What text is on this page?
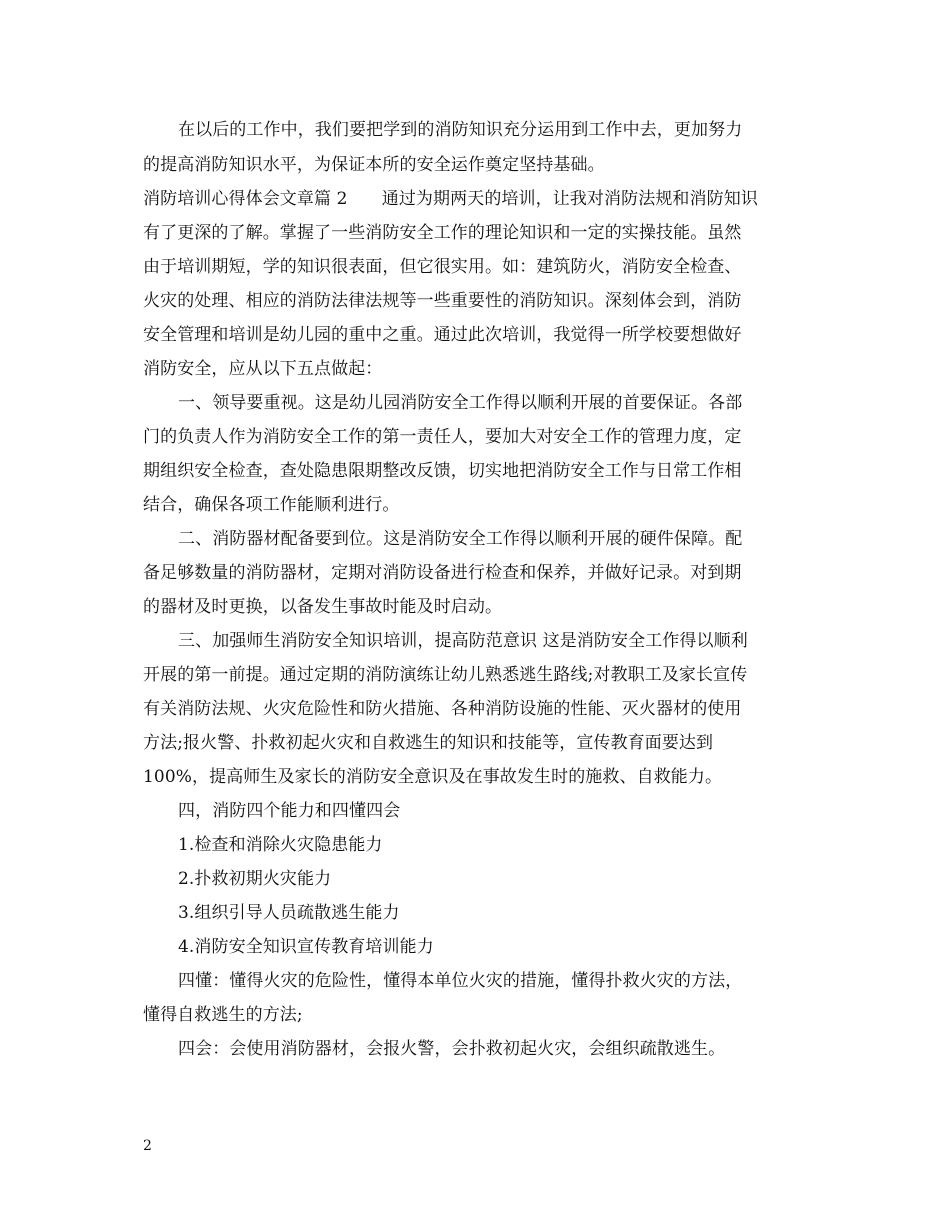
在以后的工作中，我们要把学到的消防知识充分运用到工作中去，更加努力
的提高消防知识水平，为保证本所的安全运作奠定坚持基础。
消防培训心得体会文章篇 2　　通过为期两天的培训，让我对消防法规和消防知识
有了更深的了解。掌握了一些消防安全工作的理论知识和一定的实操技能。虽然
由于培训期短，学的知识很表面，但它很实用。如：建筑防火，消防安全检查、
火灾的处理、相应的消防法律法规等一些重要性的消防知识。深刻体会到，消防
安全管理和培训是幼儿园的重中之重。通过此次培训，我觉得一所学校要想做好
消防安全，应从以下五点做起：
一、领导要重视。这是幼儿园消防安全工作得以顺利开展的首要保证。各部
门的负责人作为消防安全工作的第一责任人，要加大对安全工作的管理力度，定
期组织安全检查，查处隐患限期整改反馈，切实地把消防安全工作与日常工作相
结合，确保各项工作能顺利进行。
二、消防器材配备要到位。这是消防安全工作得以顺利开展的硬件保障。配
备足够数量的消防器材，定期对消防设备进行检查和保养，并做好记录。对到期
的器材及时更换，以备发生事故时能及时启动。
三、加强师生消防安全知识培训，提高防范意识 这是消防安全工作得以顺利
开展的第一前提。通过定期的消防演练让幼儿熟悉逃生路线;对教职工及家长宣传
有关消防法规、火灾危险性和防火措施、各种消防设施的性能、灭火器材的使用
方法;报火警、扑救初起火灾和自救逃生的知识和技能等，宣传教育面要达到
100%，提高师生及家长的消防安全意识及在事故发生时的施救、自救能力。
四，消防四个能力和四懂四会
1.检查和消除火灾隐患能力
2.扑救初期火灾能力
3.组织引导人员疏散逃生能力
4.消防安全知识宣传教育培训能力
四懂：懂得火灾的危险性，懂得本单位火灾的措施，懂得扑救火灾的方法，
懂得自救逃生的方法;
四会：会使用消防器材，会报火警，会扑救初起火灾，会组织疏散逃生。
2
